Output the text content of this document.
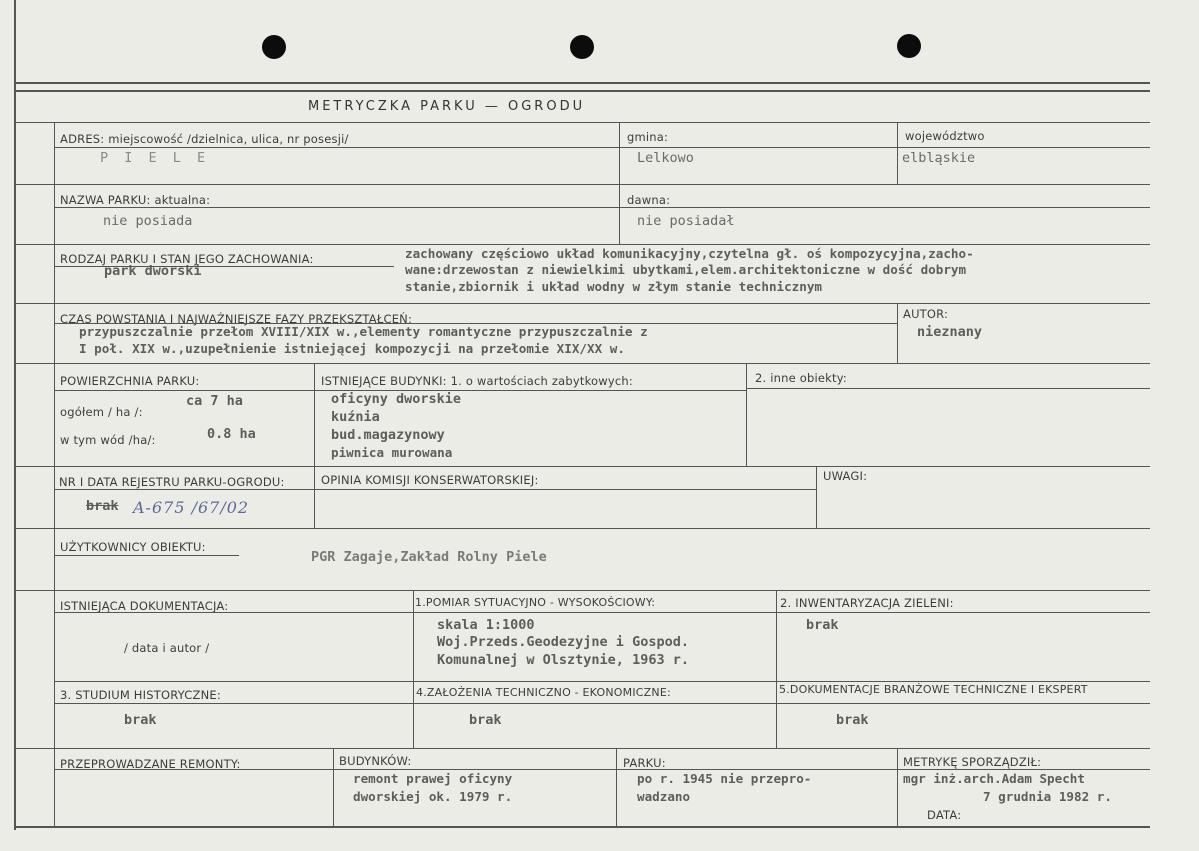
METRYCZKA PARKU — OGRODU
ADRES: miejscowość /dzielnica, ulica, nr posesji/
P I E L E
gmina:
Lelkowo
województwo
elbląskie
NAZWA PARKU: aktualna:
nie posiada
dawna:
nie posiadał
RODZAJ PARKU I STAN JEGO ZACHOWANIA:
park dworski
zachowany częściowo układ komunikacyjny,czytelna gł. oś kompozycyjna,zacho-
wane:drzewostan z niewielkimi ubytkami,elem.architektoniczne w dość dobrym
stanie,zbiornik i układ wodny w złym stanie technicznym
CZAS POWSTANIA I NAJWAŻNIEJSZE FAZY PRZEKSZTAŁCEŃ:
przypuszczalnie przełom XVIII/XIX w.,elementy romantyczne przypuszczalnie z
I poł. XIX w.,uzupełnienie istniejącej kompozycji na przełomie XIX/XX w.
AUTOR:
nieznany
POWIERZCHNIA PARKU:
ogółem / ha /:
ca 7 ha
w tym wód /ha/:	0.8 ha
ISTNIEJĄCE BUDYNKI: 1. o wartościach zabytkowych:
oficyny dworskie
kuźnia
bud.magazynowy
piwnica murowana
2. inne obiekty:
NR I DATA REJESTRU PARKU-OGRODU:
brak A-675 /67/02
OPINIA KOMISJI KONSERWATORSKIEJ:	UWAGI:
UŻYTKOWNICY OBIEKTU:
PGR Zagaje,Zakład Rolny Piele
ISTNIEJĄCA DOKUMENTACJA:
/ data i autor /
1.POMIAR SYTUACYJNO - WYSOKOŚCIOWY:
skala 1:1000
Woj.Przeds.Geodezyjne i Gospod.
Komunalnej w Olsztynie, 1963 r.
2. INWENTARYZACJA ZIELENI:
brak
3. STUDIUM HISTORYCZNE:
brak
4.ZAŁOŻENIA TECHNICZNO - EKONOMICZNE:
brak
5.DOKUMENTACJE BRANŻOWE TECHNICZNE I EKSPERT
brak
PRZEPROWADZANE REMONTY:	BUDYNKÓW:
remont prawej oficyny
dworskiej ok. 1979 r.
PARKU:
po r. 1945 nie przepro-
wadzano
METRYKĘ SPORZĄDZIŁ:
mgr inż.arch.Adam Specht
7 grudnia 1982 r.
DATA:
